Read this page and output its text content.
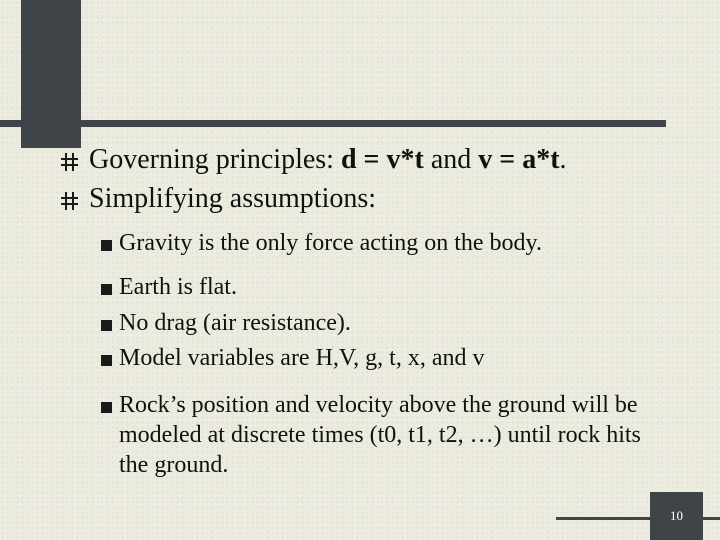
Governing principles: d = v*t and v = a*t.
Simplifying assumptions:
Gravity is the only force acting on the body.
Earth is flat.
No drag (air resistance).
Model variables are H,V, g, t, x, and v
Rock’s position and velocity above the ground will be modeled at discrete times (t0, t1, t2, …) until rock hits the ground.
10
